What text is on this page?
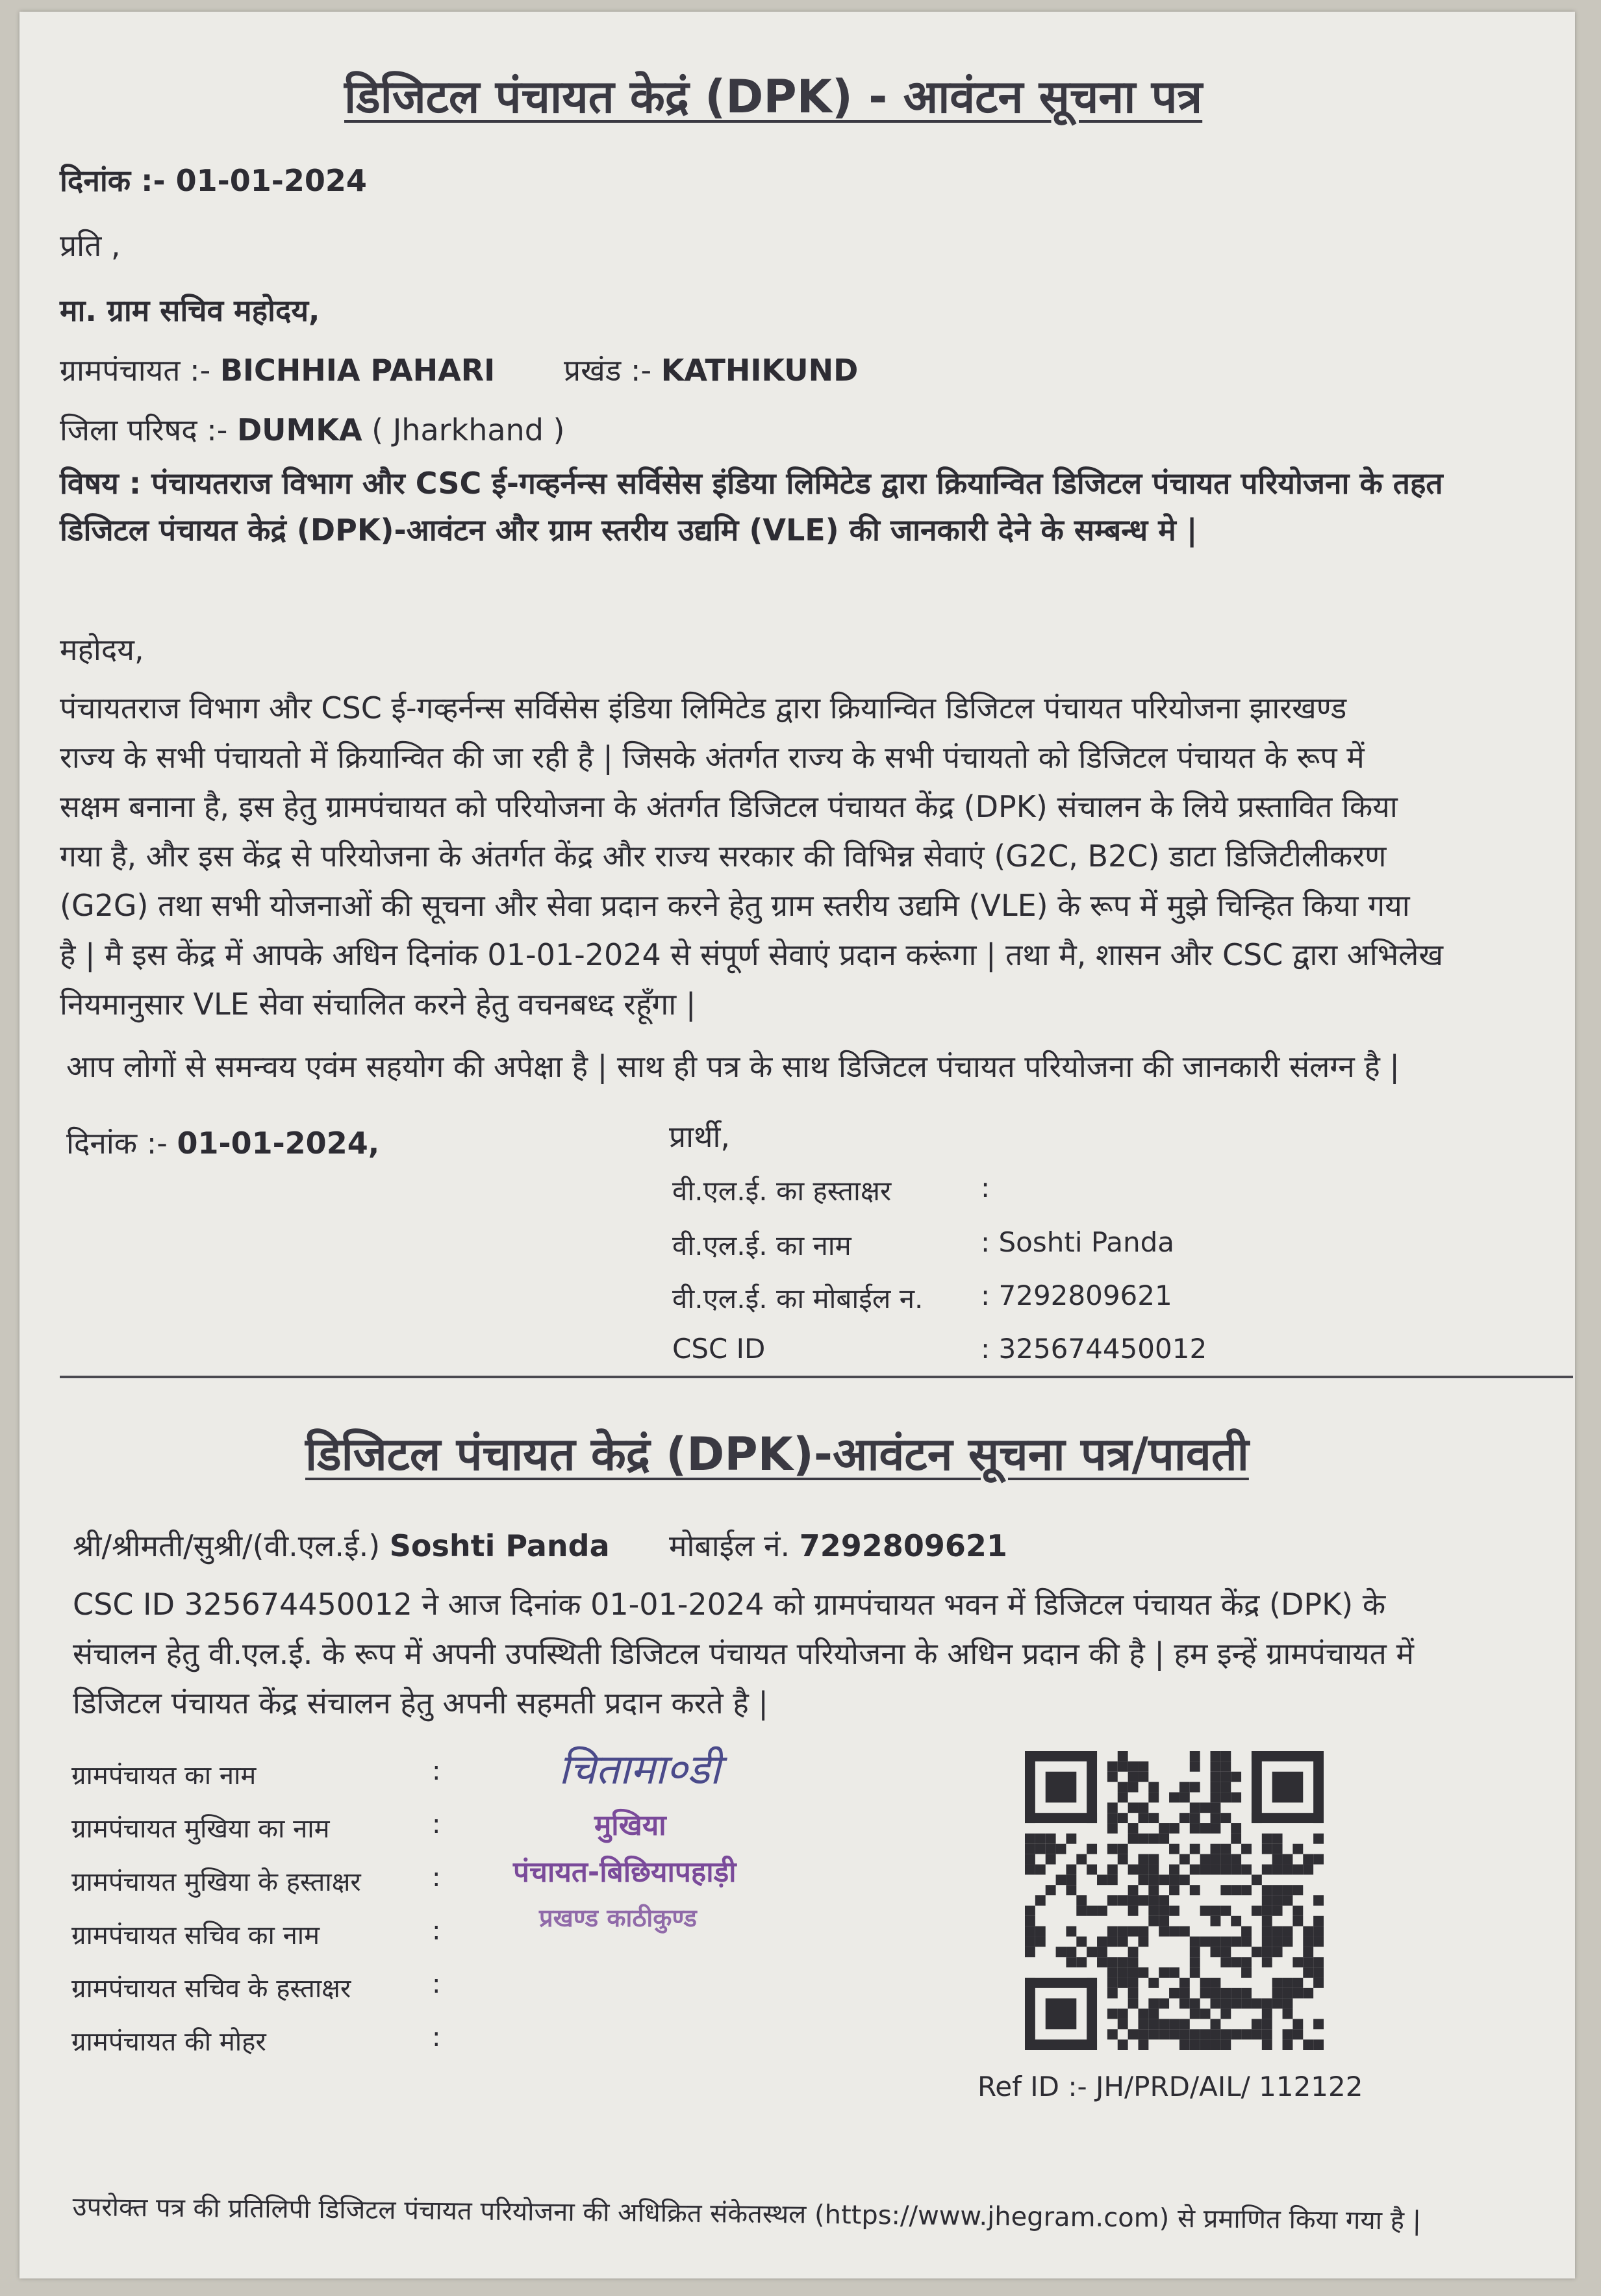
डिजिटल पंचायत केद्रं (DPK) - आवंटन सूचना पत्र
दिनांक :- 01-01-2024
प्रति ,
मा. ग्राम सचिव महोदय,
ग्रामपंचायत :- BICHHIA PAHARI प्रखंड :- KATHIKUND
जिला परिषद :- DUMKA ( Jharkhand )
विषय : पंचायतराज विभाग और CSC ई-गव्हर्नन्स सर्विसेस इंडिया लिमिटेड द्वारा क्रियान्वित डिजिटल पंचायत परियोजना के तहत डिजिटल पंचायत केद्रं (DPK)-आवंटन और ग्राम स्तरीय उद्यमि (VLE) की जानकारी देने के सम्बन्ध मे |
महोदय,
पंचायतराज विभाग और CSC ई-गव्हर्नन्स सर्विसेस इंडिया लिमिटेड द्वारा क्रियान्वित डिजिटल पंचायत परियोजना झारखण्ड
राज्य के सभी पंचायतो में क्रियान्वित की जा रही है | जिसके अंतर्गत राज्य के सभी पंचायतो को डिजिटल पंचायत के रूप में
सक्षम बनाना है, इस हेतु ग्रामपंचायत को परियोजना के अंतर्गत डिजिटल पंचायत केंद्र (DPK) संचालन के लिये प्रस्तावित किया
गया है, और इस केंद्र से परियोजना के अंतर्गत केंद्र और राज्य सरकार की विभिन्न सेवाएं (G2C, B2C) डाटा डिजिटीलीकरण
(G2G) तथा सभी योजनाओं की सूचना और सेवा प्रदान करने हेतु ग्राम स्तरीय उद्यमि (VLE) के रूप में मुझे चिन्हित किया गया
है | मै इस केंद्र में आपके अधिन दिनांक 01-01-2024 से संपूर्ण सेवाएं प्रदान करूंगा | तथा मै, शासन और CSC द्वारा अभिलेख
नियमानुसार VLE सेवा संचालित करने हेतु वचनबध्द रहूँगा |
आप लोगों से समन्वय एवंम सहयोग की अपेक्षा है | साथ ही पत्र के साथ डिजिटल पंचायत परियोजना की जानकारी संलग्न है |
दिनांक :- 01-01-2024,	प्रार्थी,
वी.एल.ई. का हस्ताक्षर	:
वी.एल.ई. का नाम	: Soshti Panda
वी.एल.ई. का मोबाईल न. : 7292809621
CSC ID	: 325674450012
डिजिटल पंचायत केद्रं (DPK)-आवंटन सूचना पत्र/पावती
श्री/श्रीमती/सुश्री/(वी.एल.ई.) Soshti Panda मोबाईल नं. 7292809621
CSC ID 325674450012 ने आज दिनांक 01-01-2024 को ग्रामपंचायत भवन में डिजिटल पंचायत केंद्र (DPK) के
संचालन हेतु वी.एल.ई. के रूप में अपनी उपस्थिती डिजिटल पंचायत परियोजना के अधिन प्रदान की है | हम इन्हें ग्रामपंचायत में
डिजिटल पंचायत केंद्र संचालन हेतु अपनी सहमती प्रदान करते है |
ग्रामपंचायत का नाम	:
ग्रामपंचायत मुखिया का नाम	:
ग्रामपंचायत मुखिया के हस्ताक्षर	:
ग्रामपंचायत सचिव का नाम	:
ग्रामपंचायत सचिव के हस्ताक्षर	:
ग्रामपंचायत की मोहर	:
चितामा०डी
मुखिया
पंचायत-बिछियापहाड़ी
प्रखण्ड काठीकुण्ड
Ref ID :- JH/PRD/AIL/ 112122
उपरोक्त पत्र की प्रतिलिपी डिजिटल पंचायत परियोजना की अधिक्रित संकेतस्थल (https://www.jhegram.com) से प्रमाणित किया गया है |
